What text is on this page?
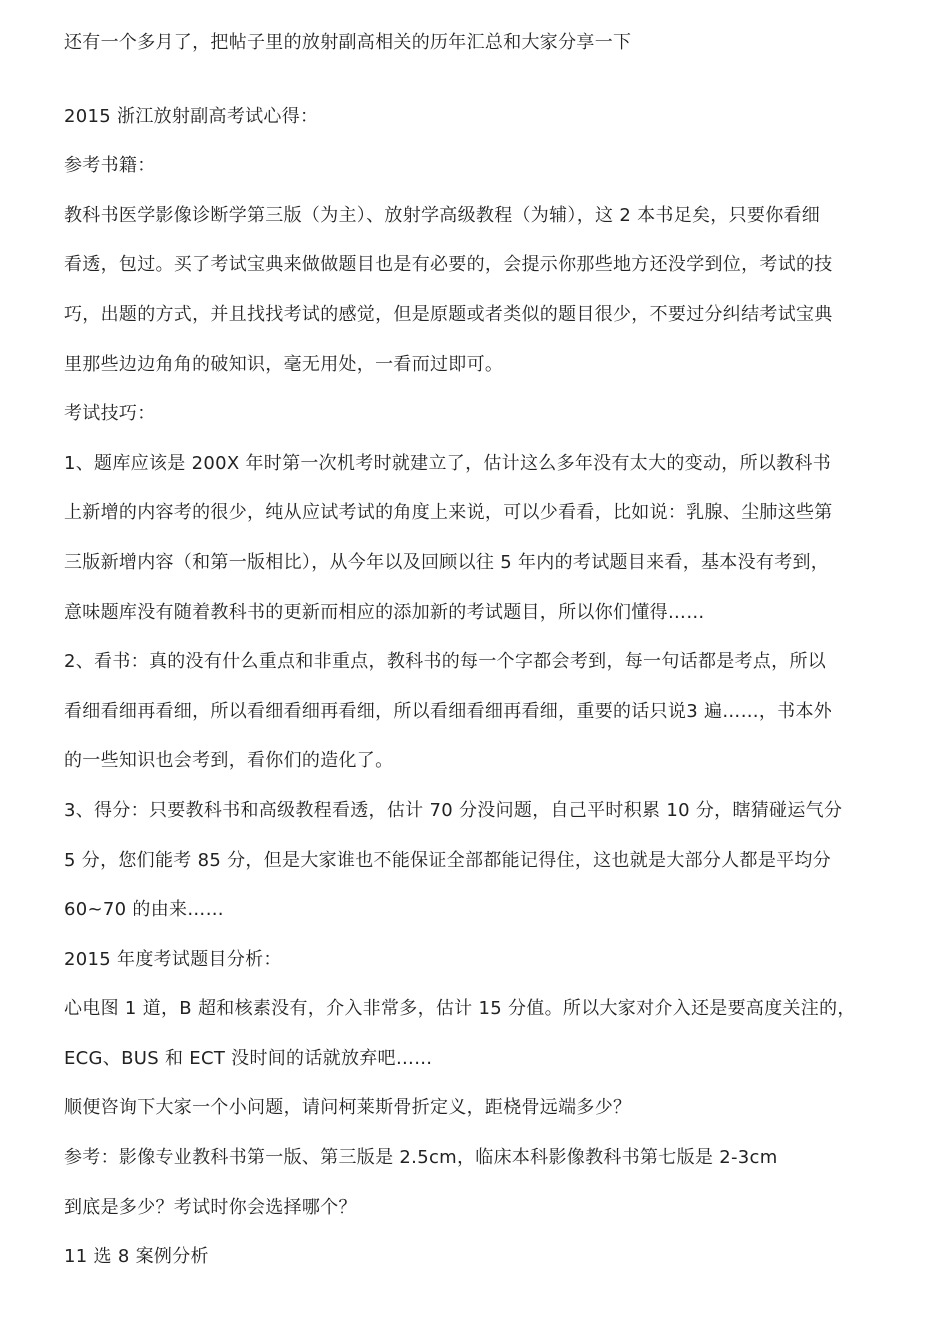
还有一个多月了，把帖子里的放射副高相关的历年汇总和大家分享一下

2015 浙江放射副高考试心得：

参考书籍：

教科书医学影像诊断学第三版（为主）、放射学高级教程（为辅），这 2 本书足矣，只要你看细

看透，包过。买了考试宝典来做做题目也是有必要的，会提示你那些地方还没学到位，考试的技

巧，出题的方式，并且找找考试的感觉，但是原题或者类似的题目很少，不要过分纠结考试宝典

里那些边边角角的破知识，毫无用处，一看而过即可。

考试技巧：

1、题库应该是 200X 年时第一次机考时就建立了，估计这么多年没有太大的变动，所以教科书

上新增的内容考的很少，纯从应试考试的角度上来说，可以少看看，比如说：乳腺、尘肺这些第

三版新增内容（和第一版相比），从今年以及回顾以往 5 年内的考试题目来看，基本没有考到，

意味题库没有随着教科书的更新而相应的添加新的考试题目，所以你们懂得……

2、看书：真的没有什么重点和非重点，教科书的每一个字都会考到，每一句话都是考点，所以

看细看细再看细，所以看细看细再看细，所以看细看细再看细，重要的话只说3 遍……，书本外

的一些知识也会考到，看你们的造化了。

3、得分：只要教科书和高级教程看透，估计 70 分没问题，自己平时积累 10 分，瞎猜碰运气分

5 分，您们能考 85 分，但是大家谁也不能保证全部都能记得住，这也就是大部分人都是平均分

60~70 的由来……

2015 年度考试题目分析：

心电图 1 道，B 超和核素没有，介入非常多，估计 15 分值。所以大家对介入还是要高度关注的，

ECG、BUS 和 ECT 没时间的话就放弃吧……

顺便咨询下大家一个小问题，请问柯莱斯骨折定义，距桡骨远端多少？

参考：影像专业教科书第一版、第三版是 2.5cm，临床本科影像教科书第七版是 2-3cm

到底是多少？考试时你会选择哪个？

11 选 8 案例分析
